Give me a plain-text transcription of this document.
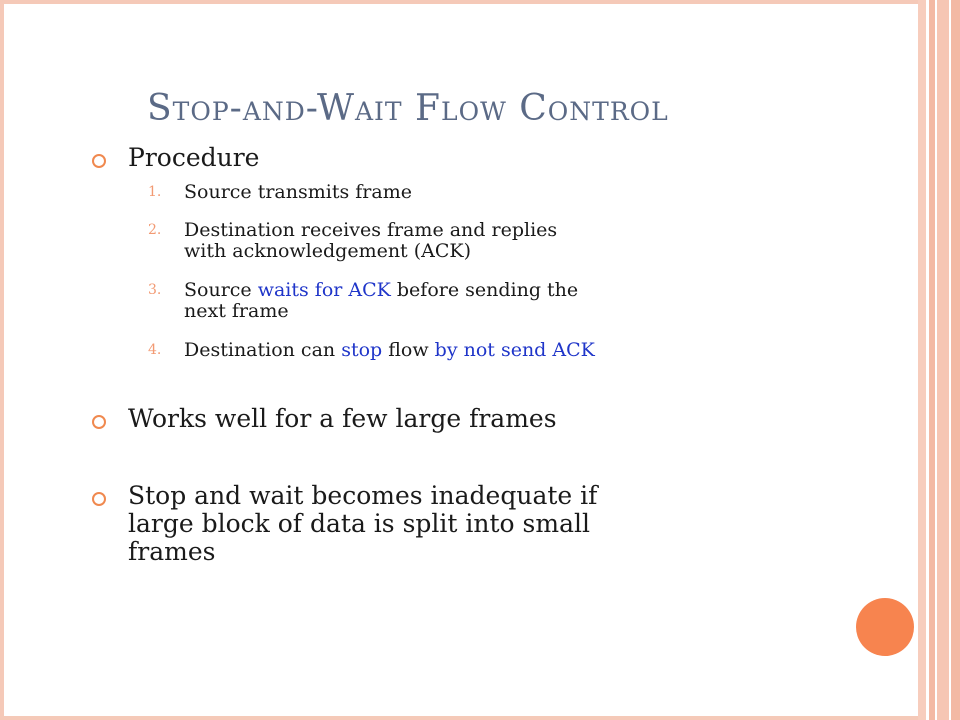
Stop-and-Wait Flow Control
Procedure
1.	Source transmits frame
2.	Destination receives frame and replies
with acknowledgement (ACK)
3.	Source waits for ACK before sending the
next frame
4.	Destination can stop flow by not send ACK
Works well for a few large frames
Stop and wait becomes inadequate if
large block of data is split into small
frames
